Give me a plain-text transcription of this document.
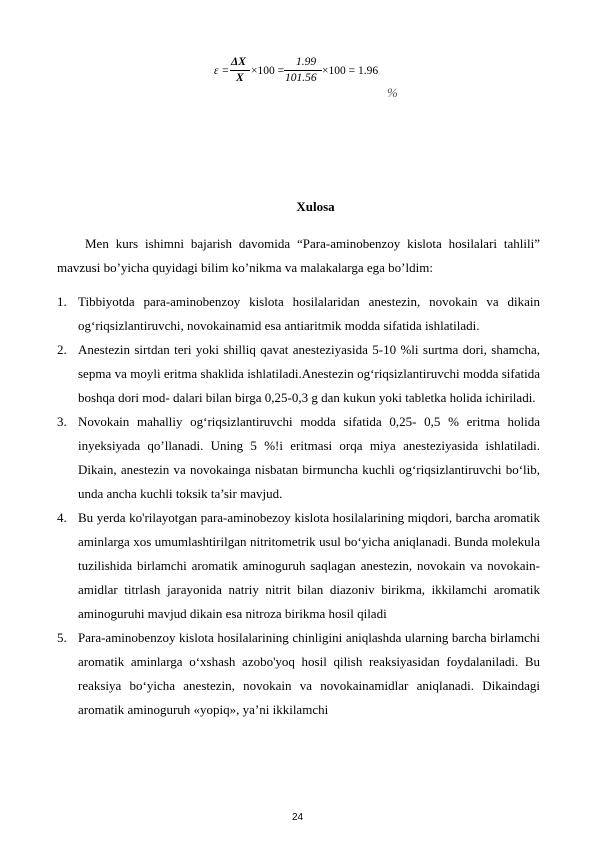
ε =
ΔX
X
×100 =
1.99
101.56
×100 = 1.96
%
Xulosa

Men kurs ishimni bajarish davomida “Para-aminobenzoy kislota hosilalari tahlili” mavzusi bo’yicha quyidagi bilim ko’nikma va malakalarga ega bo’ldim:

1. Tibbiyotda para-aminobenzoy kislota hosilalaridan anestezin, novokain va dikain og‘riqsizlantiruvchi, novokainamid esa antiaritmik modda sifatida ishlatiladi.
2. Anestezin sirtdan teri yoki shilliq qavat anesteziyasida 5-10 %li surtma dori, shamcha, sepma va moyli eritma shaklida ishlatiladi.Anestezin og‘riqsizlantiruvchi modda sifatida boshqa dori mod- dalari bilan birga 0,25-0,3 g dan kukun yoki tabletka holida ichiriladi.
3. Novokain mahalliy og‘riqsizlantiruvchi modda sifatida 0,25- 0,5 % eritma holida inyeksiyada qo’llanadi. Uning 5 %!i eritmasi orqa miya anesteziyasida ishlatiladi. Dikain, anestezin va novokainga nisbatan birmuncha kuchli og‘riqsizlantiruvchi bo‘lib, unda ancha kuchli toksik ta’sir mavjud.
4. Bu yerda ko'rilayotgan para-aminobezoy kislota hosilalarining miqdori, barcha aromatik aminlarga xos umumlashtirilgan nitritometrik usul bo‘yicha aniqlanadi. Bunda molekula tuzilishida birlamchi aromatik aminoguruh saqlagan anestezin, novokain va novokain-amidlar titrlash jarayonida natriy nitrit bilan diazoniv birikma, ikkilamchi aromatik aminoguruhi mavjud dikain esa nitroza birikma hosil qiladi
5. Para-aminobenzoy kislota hosilalarining chinligini aniqlashda ularning barcha birlamchi aromatik aminlarga o‘xshash azobo'yoq hosil qilish reaksiyasidan foydalaniladi. Bu reaksiya bo‘yicha anestezin, novokain va novokainamidlar aniqlanadi. Dikaindagi aromatik aminoguruh «yopiq», ya’ni ikkilamchi
24
